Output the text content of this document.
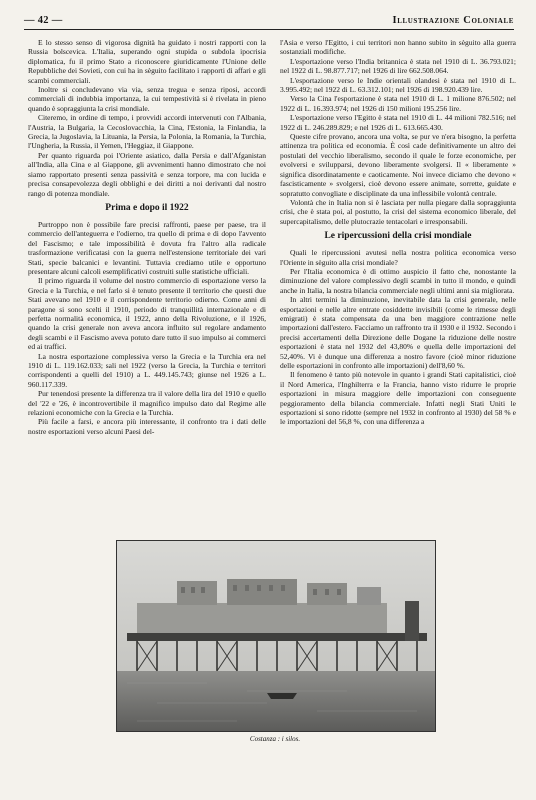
— 42 —	Illustrazione Coloniale

E lo stesso senso di vigorosa dignità ha guidato i nostri rapporti con la Russia bolscevica. L'Italia, superando ogni stupida o subdola ipocrisia diplomatica, fu il primo Stato a riconoscere giuridicamente l'Unione delle Repubbliche dei Sovieti, con cui ha in sèguito facilitato i rapporti di affari e gli scambi commerciali.

Inoltre si concludevano via via, senza tregua e senza riposi, accordi commerciali di indubbia importanza, la cui tempestività si è rivelata in pieno quando è sopraggiunta la crisi mondiale.

Citeremo, in ordine di tempo, i provvidi accordi intervenuti con l'Albania, l'Austria, la Bulgaria, la Cecoslovacchia, la Cina, l'Estonia, la Finlandia, la Grecia, la Jugoslavia, la Lituania, la Persia, la Polonia, la Romania, la Turchia, l'Ungheria, la Russia, il Yemen, l'Heggiaz, il Giappone.

Per quanto riguarda poi l'Oriente asiatico, dalla Persia e dall'Afganistan all'India, alla Cina e al Giappone, gli avvenimenti hanno dimostrato che noi siamo rapportato presenti senza passività e senza torpore, ma con lucida e precisa consapevolezza degli obblighi e dei diritti a noi derivanti dal nostro rango di potenza mondiale.

Prima e dopo il 1922

Purtroppo non è possibile fare precisi raffronti, paese per paese, tra il commercio dell'anteguerra e l'odierno, tra quello di prima e di dopo l'avvento del Fascismo; e tale impossibilità è dovuta fra l'altro alla radicale trasformazione verificatasi con la guerra nell'estensione territoriale dei vari Stati, specie balcanici e levantini. Tuttavia crediamo utile e opportuno presentare alcuni calcoli esemplificativi costruiti sulle statistiche ufficiali.

Il primo riguarda il volume del nostro commercio di esportazione verso la Grecia e la Turchia, e nel farlo si è tenuto presente il territorio che questi due Stati avevano nel 1910 e il corrispondente territorio odierno. Come anni di paragone si sono scelti il 1910, periodo di tranquillità internazionale e di perfetta normalità economica, il 1922, anno della Rivoluzione, e il 1926, quando la crisi generale non aveva ancora influito sul regolare andamento degli scambi e il Fascismo aveva potuto dare tutto il suo impulso ai commerci ed ai traffici.

La nostra esportazione complessiva verso la Grecia e la Turchia era nel 1910 di L. 119.162.033; sali nel 1922 (verso la Grecia, la Turchia e territori corrispondenti a quelli del 1910) a L. 449.145.743; giunse nel 1926 a L. 960.117.339.

Pur tenendosi presente la differenza tra il valore della lira del 1910 e quello del '22 e '26, è incontrovertibile il magnifico impulso dato dal Regime alle relazioni economiche con la Grecia e la Turchia.

Più facile a farsi, e ancora più interessante, il confronto tra i dati delle nostre esportazioni verso alcuni Paesi del-

l'Asia e verso l'Egitto, i cui territori non hanno subito in sèguito alla guerra sostanziali modifiche.

L'esportazione verso l'India britannica è stata nel 1910 di L. 36.793.021; nel 1922 di L. 98.877.717; nel 1926 di lire 662.508.064.

L'esportazione verso le Indie orientali olandesi è stata nel 1910 di L. 3.995.492; nel 1922 di L. 63.312.101; nel 1926 di 198.920.439 lire.

Verso la Cina l'esportazione è stata nel 1910 di L. 1 milione 876.502; nel 1922 di L. 16.393.974; nel 1926 di 150 milioni 195.256 lire.

L'esportazione verso l'Egitto è stata nel 1910 di L. 44 milioni 782.516; nel 1922 di L. 246.289.829; e nel 1926 di L. 613.665.430.

Queste cifre provano, ancora una volta, se pur ve n'era bisogno, la perfetta attinenza tra politica ed economia. È così cade definitivamente un altro dei postulati del vecchio liberalismo, secondo il quale le forze economiche, per evolversi e svilupparsi, devono liberamente svolgersi. Il « liberamente » significa disordinatamente e caoticamente. Noi invece diciamo che devono « fascisticamente » svolgersi, cioè devono essere animate, sorrette, guidate e sopratutto convogliate e disciplinate da una inflessibile volontà centrale.

Volontà che in Italia non si è lasciata per nulla piegare dalla sopraggiunta crisi, che è stata poi, al postutto, la crisi del sistema economico liberale, del supercapitalismo, delle plutocrazie tentacolari e irresponsabili.

Le ripercussioni della crisi mondiale

Quali le ripercussioni avutesi nella nostra politica economica verso l'Oriente in sèguito alla crisi mondiale?

Per l'Italia economica è di ottimo auspicio il fatto che, nonostante la diminuzione del valore complessivo degli scambi in tutto il mondo, e quindi anche in Italia, la nostra bilancia commerciale negli ultimi anni sia migliorata.

In altri termini la diminuzione, inevitabile data la crisi generale, nelle esportazioni e nelle altre entrate cosiddette invisibili (come le rimesse degli emigrati) è stata compensata da una ben maggiore contrazione nelle importazioni dall'estero. Facciamo un raffronto tra il 1930 e il 1932. Secondo i precisi accertamenti della Direzione delle Dogane la riduzione delle nostre esportazioni è stata nel 1932 del 43,80% e quella delle importazioni del 52,40%. Vi è dunque una differenza a nostro favore (cioè minor riduzione delle esportazioni in confronto alle importazioni) dell'8,60 %.

Il fenomeno è tanto più notevole in quanto i grandi Stati capitalistici, cioè il Nord America, l'Inghilterra e la Francia, hanno visto ridurre le proprie esportazioni in misura maggiore delle importazioni con conseguente peggioramento della bilancia commerciale. Infatti negli Stati Uniti le esportazioni si sono ridotte (sempre nel 1932 in confronto al 1930) del 58 % e le importazioni del 56,8 %, con una differenza a

Costanza : i silos.
